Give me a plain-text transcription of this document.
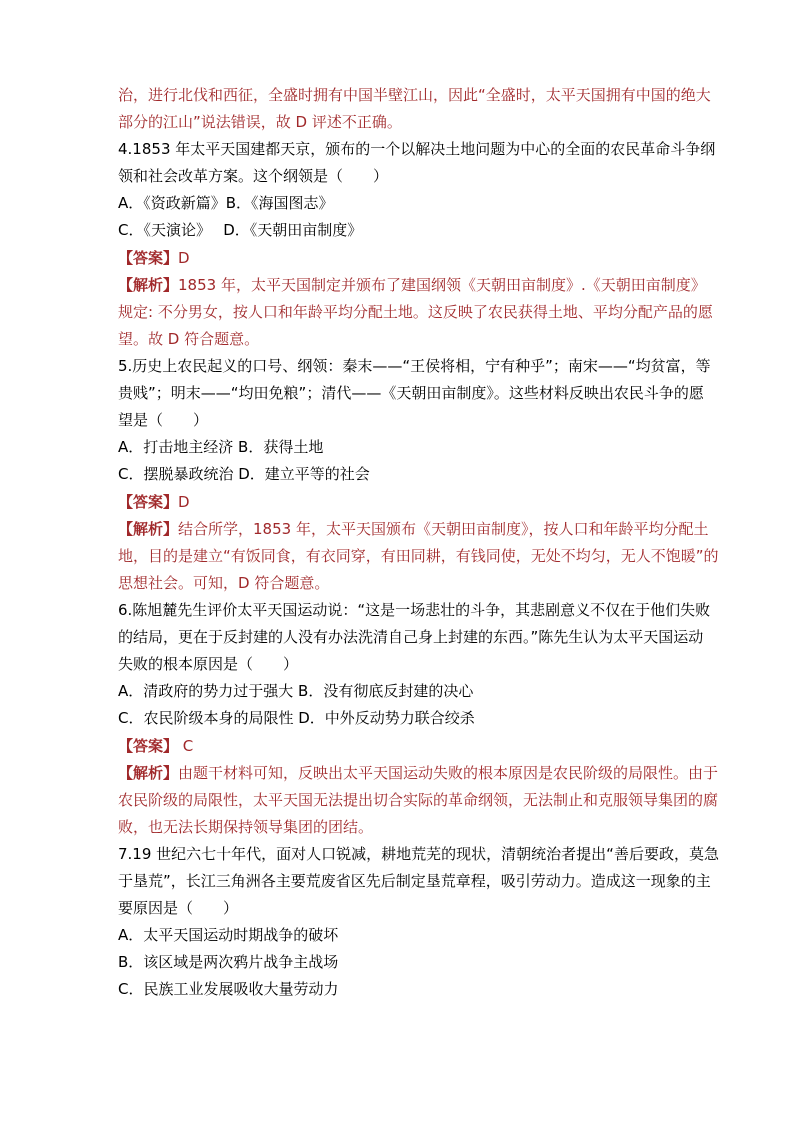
治，进行北伐和西征，全盛时拥有中国半壁江山，因此“全盛时，太平天国拥有中国的绝大
部分的江山”说法错误，故 D 评述不正确。
4.1853 年太平天国建都天京，颁布的一个以解决土地问题为中心的全面的农民革命斗争纲
领和社会改革方案。这个纲领是（　　）
A．《资政新篇》B．《海国图志》
C．《天演论》　 D．《天朝田亩制度》
【答案】D
【解析】1853 年，太平天国制定并颁布了建国纲领《天朝田亩制度》.《天朝田亩制度》
规定: 不分男女，按人口和年龄平均分配土地。这反映了农民获得土地、平均分配产品的愿
望。故 D 符合题意。
5.历史上农民起义的口号、纲领：秦末——“王侯将相，宁有种乎”；南宋——“均贫富，等
贵贱”；明末——“均田免粮”；清代——《天朝田亩制度》。这些材料反映出农民斗争的愿
望是（　　）
A．打击地主经济 B．获得土地
C．摆脱暴政统治 D．建立平等的社会
【答案】D
【解析】结合所学，1853 年，太平天国颁布《天朝田亩制度》，按人口和年龄平均分配土
地，目的是建立“有饭同食，有衣同穿，有田同耕，有钱同使，无处不均匀，无人不饱暖”的
思想社会。可知，D 符合题意。
6.陈旭麓先生评价太平天国运动说：“这是一场悲壮的斗争，其悲剧意义不仅在于他们失败
的结局，更在于反封建的人没有办法洗清自己身上封建的东西。”陈先生认为太平天国运动
失败的根本原因是（　　）
A．清政府的势力过于强大 B．没有彻底反封建的决心
C．农民阶级本身的局限性 D．中外反动势力联合绞杀
【答案】 C
【解析】由题干材料可知，反映出太平天国运动失败的根本原因是农民阶级的局限性。由于
农民阶级的局限性，太平天国无法提出切合实际的革命纲领，无法制止和克服领导集团的腐
败，也无法长期保持领导集团的团结。
7.19 世纪六七十年代，面对人口锐减，耕地荒芜的现状，清朝统治者提出“善后要政，莫急
于垦荒”，长江三角洲各主要荒废省区先后制定垦荒章程，吸引劳动力。造成这一现象的主
要原因是（　　）
A．太平天国运动时期战争的破坏
B．该区域是两次鸦片战争主战场
C．民族工业发展吸收大量劳动力
